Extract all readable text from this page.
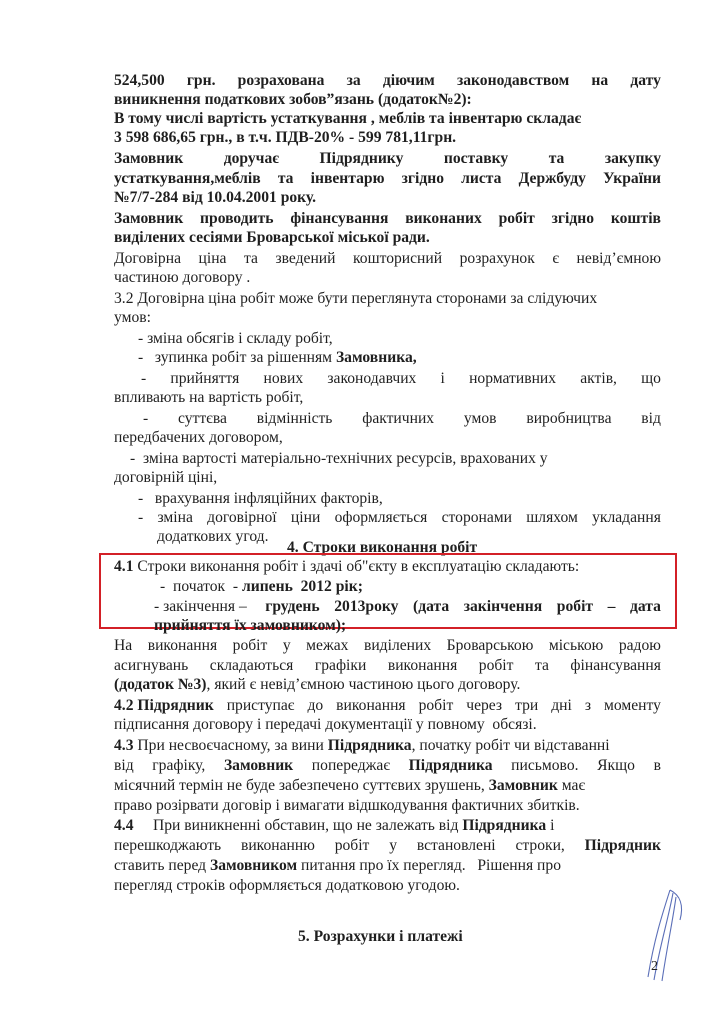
524,500 грн. розрахована за діючим законодавством на дату
виникнення податкових зобов”язань (додаток№2):
В тому числі вартість устаткування , меблів та інвентарю складає
3 598 686,65 грн., в т.ч. ПДВ-20% - 599 781,11грн.
Замовник	доручає	Підряднику	поставку	та	закупку
устаткування,меблів та інвентарю згідно листа Держбуду України
№7/7-284 від 10.04.2001 року.
Замовник проводить фінансування виконаних робіт згідно коштів
виділених сесіями Броварської міської ради.
Договірна ціна та зведений кошторисний розрахунок є невід’ємною
частиною договору .
3.2 Договірна ціна робіт може бути переглянута сторонами за слідуючих
умов:
- зміна обсягів і складу робіт,
-   зупинка робіт за рішенням Замовника,
- прийняття нових законодавчих і нормативних актів, що
впливають на вартість робіт,
- суттєва відмінність фактичних умов виробництва від
передбачених договором,
-  зміна вартості матеріально-технічних ресурсів, врахованих у
договірній ціні,
-   врахування інфляційних факторів,
- зміна договірної ціни оформляється сторонами шляхом укладання
додаткових угод.
4. Строки виконання робіт
4.1 Строки виконання робіт і здачі об"єкту в експлуатацію складають:
-  початок  - липень  2012 рік;
- закінчення – грудень 2013року (дата закінчення робіт – дата
прийняття їх замовником);
На виконання робіт у межах виділених Броварською міською радою
асигнувань складаються графіки виконання робіт та фінансування
(додаток №3), який є невід’ємною частиною цього договору.
4.2 Підрядник приступає до виконання робіт через три дні з моменту
підписання договору і передачі документації у повному  обсязі.
4.3 При несвоєчасному, за вини Підрядника, початку робіт чи відставанні
від графіку, Замовник попереджає Підрядника письмово. Якщо в
місячний термін не буде забезпечено суттєвих зрушень, Замовник має
право розірвати договір і вимагати відшкодування фактичних збитків.
4.4     При виникненні обставин, що не залежать від Підрядника і
перешкоджають виконанню робіт у встановлені строки, Підрядник
ставить перед Замовником питання про їх перегляд.   Рішення про
перегляд строків оформляється додатковою угодою.
5. Розрахунки і платежі
2
